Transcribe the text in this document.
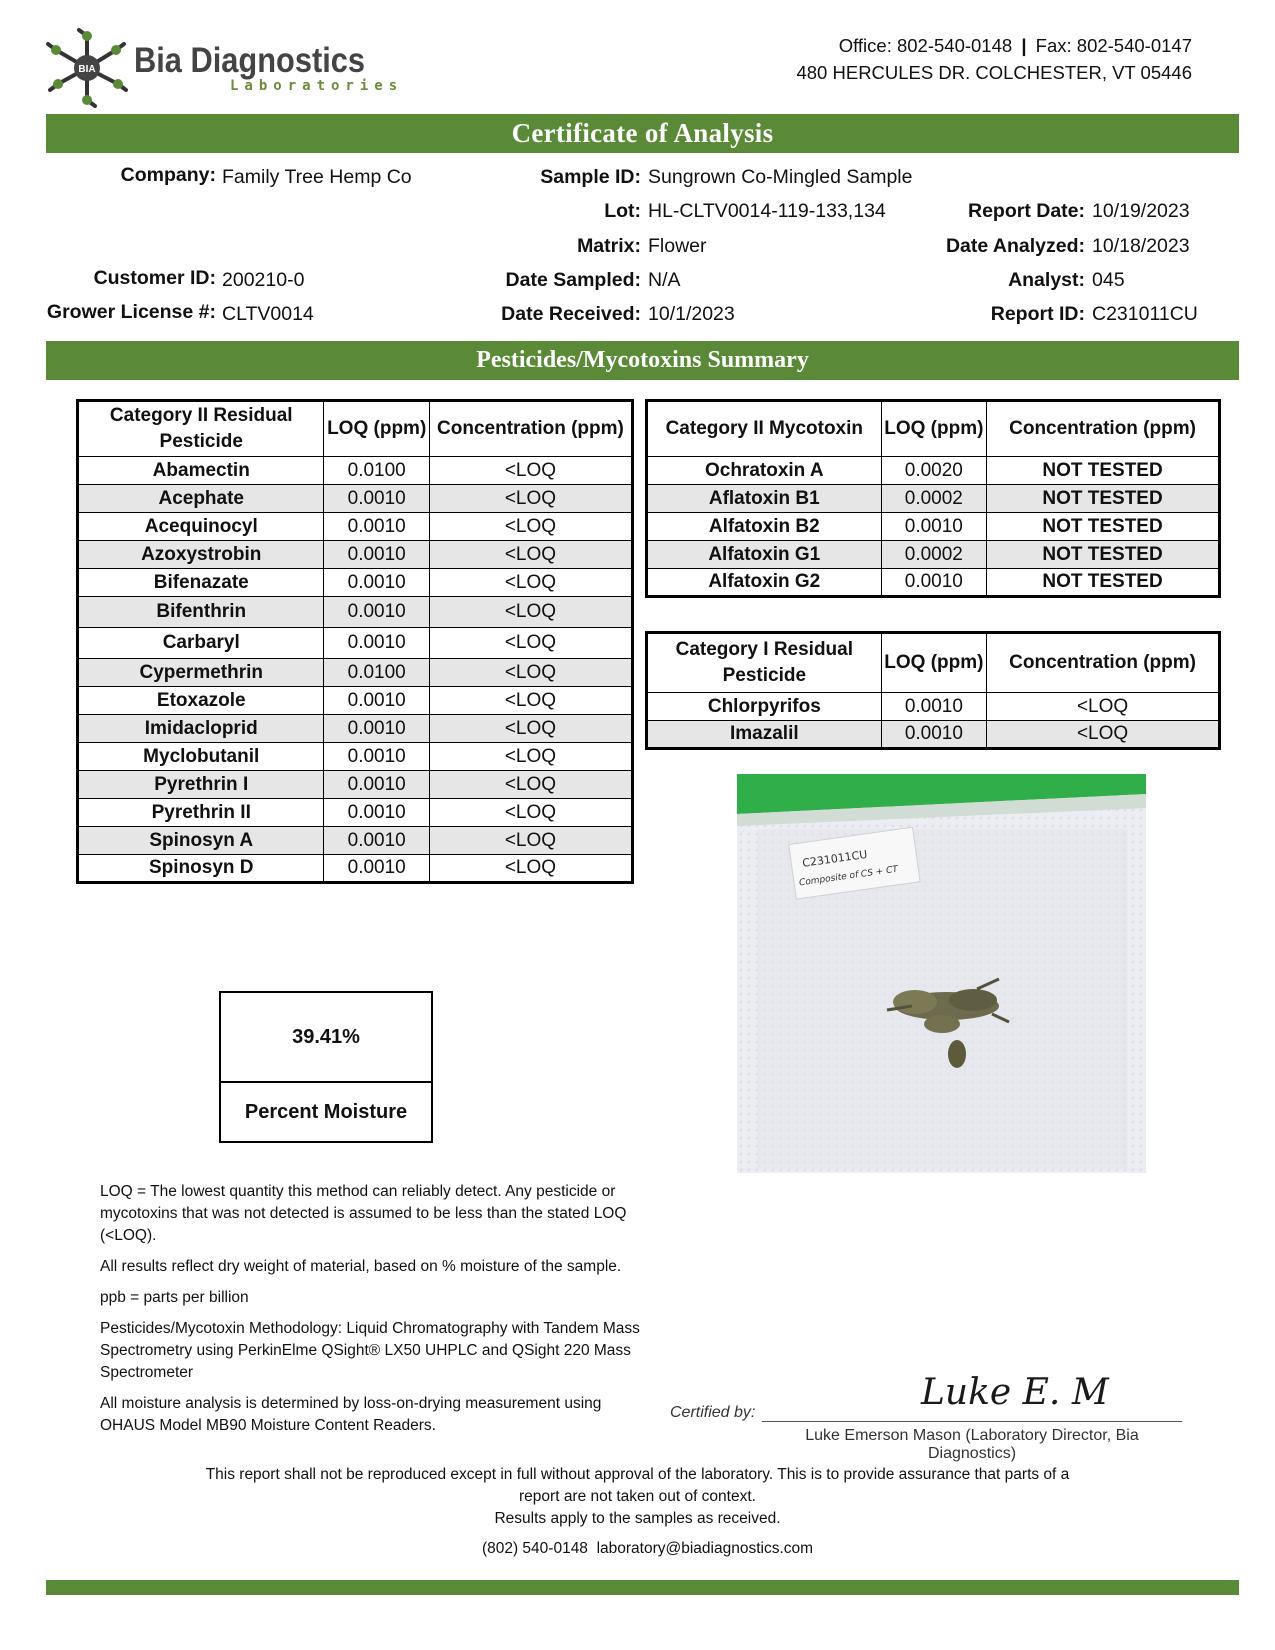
BIA Bia Diagnostics
Laboratories
Office: 802-540-0148 | Fax: 802-540-0147
480 HERCULES DR. COLCHESTER, VT 05446
Certificate of Analysis
Company: Family Tree Hemp Co
Customer ID: 200210-0
Grower License #: CLTV0014
Sample ID: Sungrown Co-Mingled Sample
Lot: HL-CLTV0014-119-133,134
Matrix: Flower
Date Sampled: N/A
Date Received: 10/1/2023
Report Date: 10/19/2023
Date Analyzed: 10/18/2023
Analyst: 045
Report ID: C231011CU
Pesticides/Mycotoxins Summary
Category II Residual Pesticide	LOQ (ppm)	Concentration (ppm)
Abamectin	0.0100	<LOQ
Acephate	0.0010	<LOQ
Acequinocyl	0.0010	<LOQ
Azoxystrobin	0.0010	<LOQ
Bifenazate	0.0010	<LOQ
Bifenthrin	0.0010	<LOQ
Carbaryl	0.0010	<LOQ
Cypermethrin	0.0100	<LOQ
Etoxazole	0.0010	<LOQ
Imidacloprid	0.0010	<LOQ
Myclobutanil	0.0010	<LOQ
Pyrethrin I	0.0010	<LOQ
Pyrethrin II	0.0010	<LOQ
Spinosyn A	0.0010	<LOQ
Spinosyn D	0.0010	<LOQ
Category II Mycotoxin	LOQ (ppm)	Concentration (ppm)
Ochratoxin A	0.0020	NOT TESTED
Aflatoxin B1	0.0002	NOT TESTED
Alfatoxin B2	0.0010	NOT TESTED
Alfatoxin G1	0.0002	NOT TESTED
Alfatoxin G2	0.0010	NOT TESTED
Category I Residual Pesticide	LOQ (ppm)	Concentration (ppm)
Chlorpyrifos	0.0010	<LOQ
Imazalil	0.0010	<LOQ
39.41%
Percent Moisture
C231011CU
Composite of CS + CT

LOQ = The lowest quantity this method can reliably detect. Any pesticide or mycotoxins that was not detected is assumed to be less than the stated LOQ (<LOQ).

All results reflect dry weight of material, based on % moisture of the sample.

ppb = parts per billion

Pesticides/Mycotoxin Methodology: Liquid Chromatography with Tandem Mass Spectrometry using PerkinElme QSight® LX50 UHPLC and QSight 220 Mass Spectrometer

All moisture analysis is determined by loss-on-drying measurement using OHAUS Model MB90 Moisture Content Readers.

Certified by:	Luke E. M
Luke Emerson Mason (Laboratory Director, Bia Diagnostics)
This report shall not be reproduced except in full without approval of the laboratory. This is to provide assurance that parts of a
report are not taken out of context.
Results apply to the samples as received.
(802) 540-0148 laboratory@biadiagnostics.com
